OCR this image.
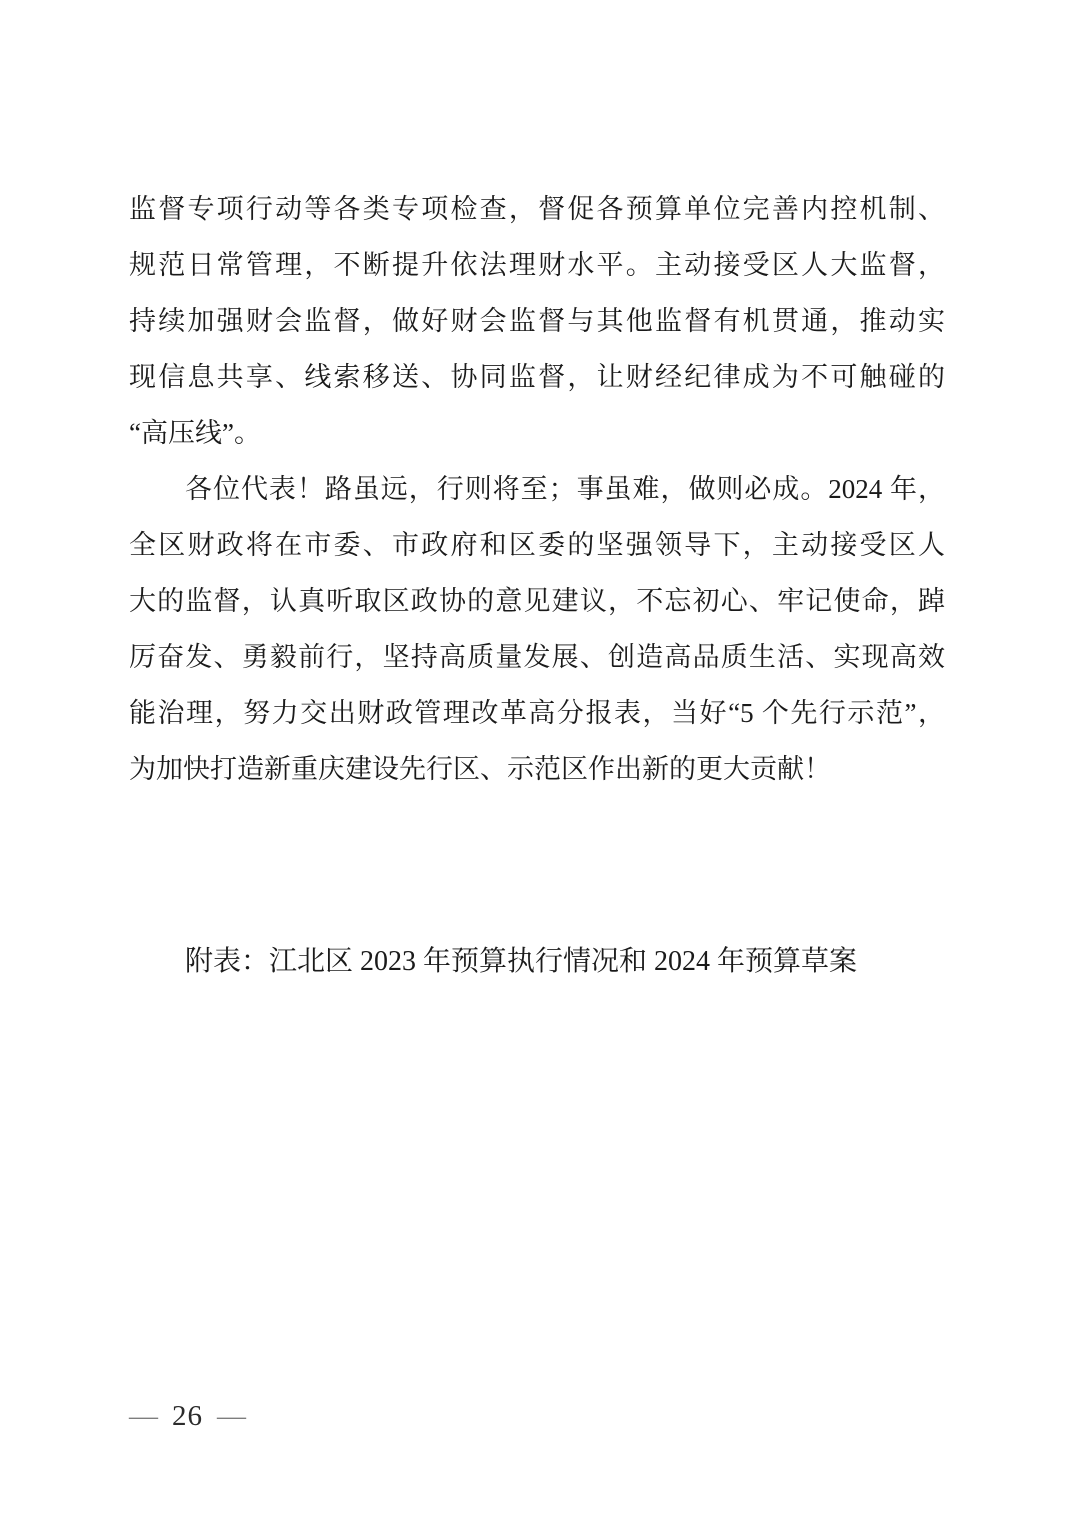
监督专项行动等各类专项检查，督促各预算单位完善内控机制、
规范日常管理，不断提升依法理财水平。主动接受区人大监督，
持续加强财会监督，做好财会监督与其他监督有机贯通，推动实
现信息共享、线索移送、协同监督，让财经纪律成为不可触碰的
“高压线”。
各位代表！路虽远，行则将至；事虽难，做则必成。2024 年，
全区财政将在市委、市政府和区委的坚强领导下，主动接受区人
大的监督，认真听取区政协的意见建议，不忘初心、牢记使命，踔
厉奋发、勇毅前行，坚持高质量发展、创造高品质生活、实现高效
能治理，努力交出财政管理改革高分报表，当好“5 个先行示范”，
为加快打造新重庆建设先行区、示范区作出新的更大贡献！
附表：江北区 2023 年预算执行情况和 2024 年预算草案
— 26 —
